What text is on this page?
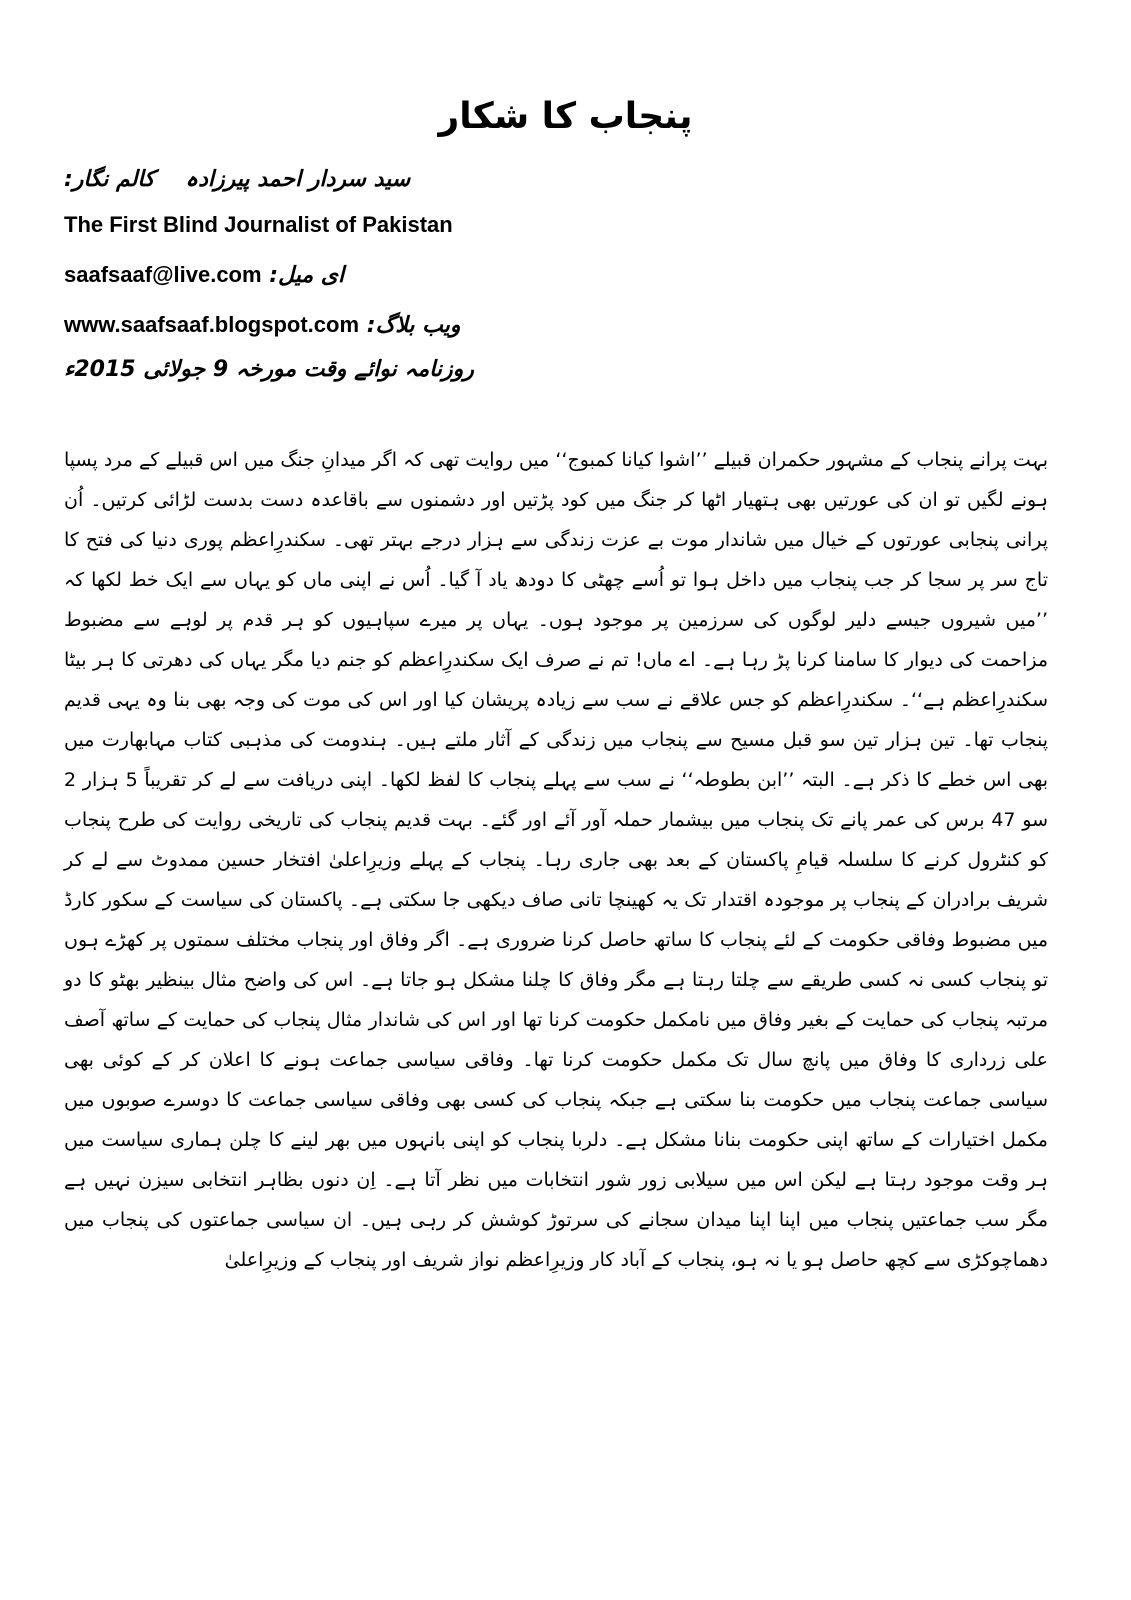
پنجاب کا شکار
کالم نگار: سید سردار احمد پیرزادہ
The First Blind Journalist of Pakistan
saafsaaf@live.com ای میل:
www.saafsaaf.blogspot.com ویب بلاگ:
روزنامہ نوائے وقت مورخہ 9 جولائی 2015ء
بہت پرانے پنجاب کے مشہور حکمران قبیلے ’’اشوا کیانا کمبوج‘‘ میں روایت تھی کہ اگر میدانِ جنگ میں اس قبیلے کے مرد پسپا ہونے لگیں تو ان کی عورتیں بھی ہتھیار اٹھا کر جنگ میں کود پڑتیں اور دشمنوں سے باقاعدہ دست بدست لڑائی کرتیں۔ اُن پرانی پنجابی عورتوں کے خیال میں شاندار موت بے عزت زندگی سے ہزار درجے بہتر تھی۔ سکندرِاعظم پوری دنیا کی فتح کا تاج سر پر سجا کر جب پنجاب میں داخل ہوا تو اُسے چھٹی کا دودھ یاد آ گیا۔ اُس نے اپنی ماں کو یہاں سے ایک خط لکھا کہ ’’میں شیروں جیسے دلیر لوگوں کی سرزمین پر موجود ہوں۔ یہاں پر میرے سپاہیوں کو ہر قدم پر لوہے سے مضبوط مزاحمت کی دیوار کا سامنا کرنا پڑ رہا ہے۔ اے ماں! تم نے صرف ایک سکندرِاعظم کو جنم دیا مگر یہاں کی دھرتی کا ہر بیٹا سکندرِاعظم ہے‘‘۔ سکندرِاعظم کو جس علاقے نے سب سے زیادہ پریشان کیا اور اس کی موت کی وجہ بھی بنا وہ یہی قدیم پنجاب تھا۔ تین ہزار تین سو قبل مسیح سے پنجاب میں زندگی کے آثار ملتے ہیں۔ ہندومت کی مذہبی کتاب مہابھارت میں بھی اس خطے کا ذکر ہے۔ البتہ ’’ابن بطوطہ‘‘ نے سب سے پہلے پنجاب کا لفظ لکھا۔ اپنی دریافت سے لے کر تقریباً 5 ہزار 2 سو 47 برس کی عمر پانے تک پنجاب میں بیشمار حملہ آور آئے اور گئے۔ بہت قدیم پنجاب کی تاریخی روایت کی طرح پنجاب کو کنٹرول کرنے کا سلسلہ قیامِ پاکستان کے بعد بھی جاری رہا۔ پنجاب کے پہلے وزیرِاعلیٰ افتخار حسین ممدوٹ سے لے کر شریف برادران کے پنجاب پر موجودہ اقتدار تک یہ کھینچا تانی صاف دیکھی جا سکتی ہے۔ پاکستان کی سیاست کے سکور کارڈ میں مضبوط وفاقی حکومت کے لئے پنجاب کا ساتھ حاصل کرنا ضروری ہے۔ اگر وفاق اور پنجاب مختلف سمتوں پر کھڑے ہوں تو پنجاب کسی نہ کسی طریقے سے چلتا رہتا ہے مگر وفاق کا چلنا مشکل ہو جاتا ہے۔ اس کی واضح مثال بینظیر بھٹو کا دو مرتبہ پنجاب کی حمایت کے بغیر وفاق میں نامکمل حکومت کرنا تھا اور اس کی شاندار مثال پنجاب کی حمایت کے ساتھ آصف علی زرداری کا وفاق میں پانچ سال تک مکمل حکومت کرنا تھا۔ وفاقی سیاسی جماعت ہونے کا اعلان کر کے کوئی بھی سیاسی جماعت پنجاب میں حکومت بنا سکتی ہے جبکہ پنجاب کی کسی بھی وفاقی سیاسی جماعت کا دوسرے صوبوں میں مکمل اختیارات کے ساتھ اپنی حکومت بنانا مشکل ہے۔ دلربا پنجاب کو اپنی بانہوں میں بھر لینے کا چلن ہماری سیاست میں ہر وقت موجود رہتا ہے لیکن اس میں سیلابی زور شور انتخابات میں نظر آتا ہے۔ اِن دنوں بظاہر انتخابی سیزن نہیں ہے مگر سب جماعتیں پنجاب میں اپنا اپنا میدان سجانے کی سرتوڑ کوشش کر رہی ہیں۔ ان سیاسی جماعتوں کی پنجاب میں دھماچوکڑی سے کچھ حاصل ہو یا نہ ہو، پنجاب کے آباد کار وزیرِاعظم نواز شریف اور پنجاب کے وزیرِاعلیٰ
